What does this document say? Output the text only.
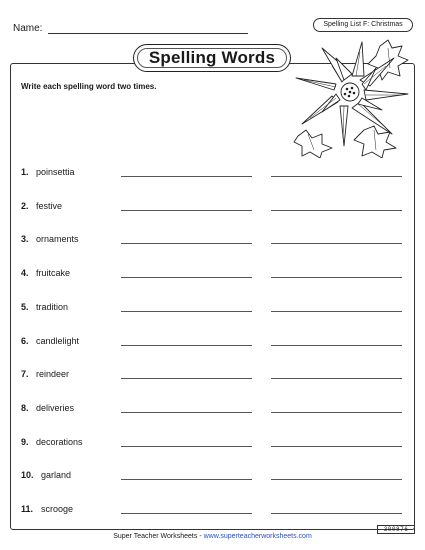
Name:	Spelling List F: Christmas
Spelling Words
Write each spelling word two times.
1. poinsettia
2. festive
3. ornaments
4. fruitcake
5. tradition
6. candlelight
7. reindeer
8. deliveries
9. decorations
10. garland
11. scrooge
Super Teacher Worksheets - www.superteacherworksheets.com
300876
